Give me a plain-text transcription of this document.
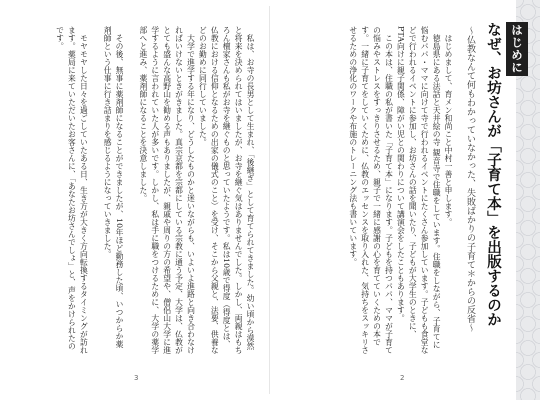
私は、お寺の長男として生まれ、「後継ぎ」として育てられてきました。幼い頃から漠然と将来を決められてはいましたが、お寺を継ぐ気はありませんでした。しかし、両親はもちろん檀家さんも私がお寺を継ぐものと思っていたようです。私は10歳で得度（得度とは、仏教における信仰となるための出家の儀式のこと）を受け、そこから父親と、法要、供養などのお勤めに同行していました。

大学で進学する年になり、どうしたものかと迷いながらも、いよいよ進路と向き合わなければいけないときがきました。真宗京都を宗都にしている宗教に通う予定、大学は、仏教がとても盛んな高野山を勧める声もありましたが、親戚や周りの方の希望や、僧侶山大学に進学するように言われていた人が多いです。しかし、私は手に職をつけるために、大学の薬学部へと進み、薬剤師になることを決意しました。

その後、無事に薬剤師になることができましたが、10年ほど勤務した頃、いつからか薬剤師という仕事に行き詰まりを感じるようになっていきました。

モヤモヤした日々を過ごしていたある日、生き方が大きく方向転換するタイミングが訪れます。薬局に来ていただいたお客さんに、「あなたお坊さんでしょ」と、声をかけられたのです。

3
はじめに
なぜ、お坊さんが「子育て本」を出版するのか
～仏教なんて何もわかっていなかった、失敗ばかりの子育て＊からの反省～

はじめまして、育メン和尚こと中村一善と申します。

徳島県にある法話と天井絵の寺 観音寺で住職をしています。住職をしながら、子育てに悩むパパ・ママに向けて寺で行われるイベントにたくさん参加しています。子どもも食堂などで行われるイベントに参加し、お坊さんの話を聞いたり、子どもが大学生のときに、PTA向けに親子関係、障がい児との関わりについて講演会をしたこともあります。

この本は、住職の私が書いた「子育て本」になります。子どもを持つパパ、ママが子育ての悩みやストレスをすっきりさせるため、親子で一緒に感謝の心を育てていくための本です。一緒に子育てをしていくために、仏教のエッセンスを取り入れた、気持ちをスッキリさせるための浄化のワークや布施のトレーニング法も書いています。

2
